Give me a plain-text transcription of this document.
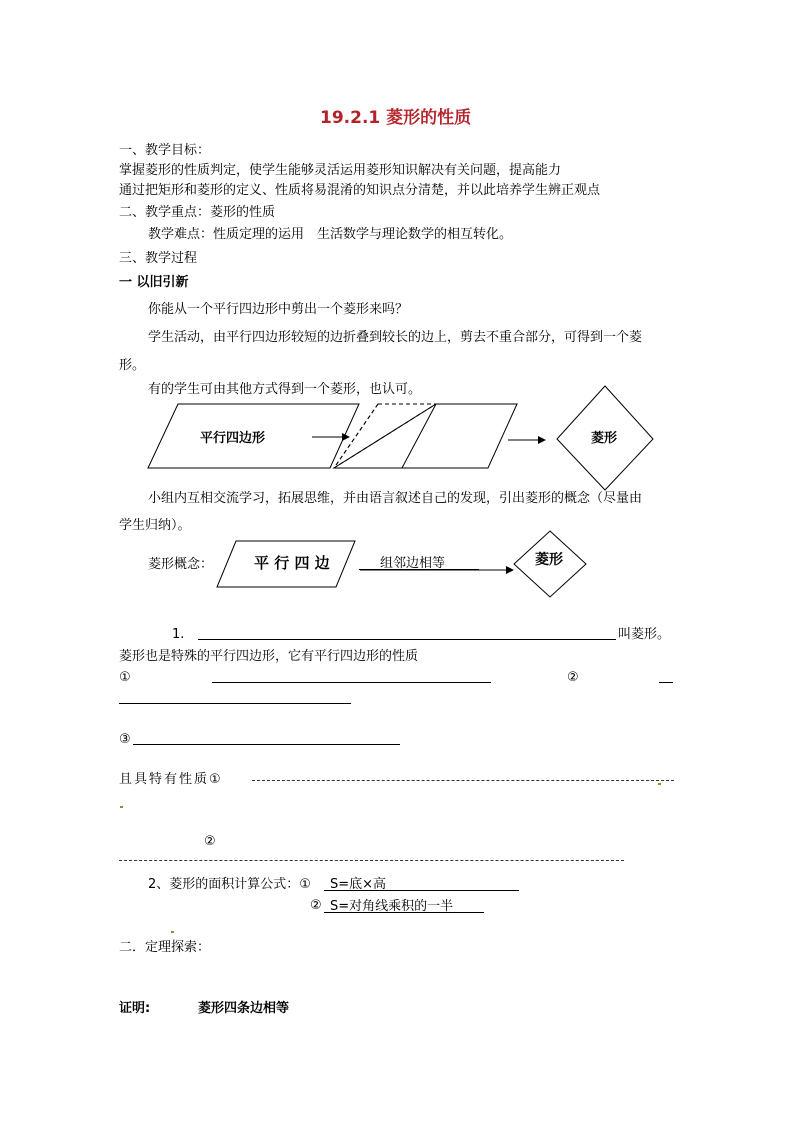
19.2.1 菱形的性质
一、教学目标：
掌握菱形的性质判定，使学生能够灵活运用菱形知识解决有关问题，提高能力
通过把矩形和菱形的定义、性质将易混淆的知识点分清楚，并以此培养学生辨正观点
二、教学重点：菱形的性质
教学难点：性质定理的运用　生活数学与理论数学的相互转化。
三、教学过程
一 以旧引新
你能从一个平行四边形中剪出一个菱形来吗？
学生活动，由平行四边形较短的边折叠到较长的边上，剪去不重合部分，可得到一个菱
形。
有的学生可由其他方式得到一个菱形，也认可。
平行四边形	菱形
小组内互相交流学习，拓展思维，并由语言叙述自己的发现，引出菱形的概念（尽量由
学生归纳）。
菱形概念：	平 行 四 边	组邻边相等	菱形
1.	叫菱形。
菱形也是特殊的平行四边形，它有平行四边形的性质
①	②
③
且具特有性质①
②
2、菱形的面积计算公式：① S=底×高
② S=对角线乘积的一半
二．定理探索：
证明:	菱形四条边相等
